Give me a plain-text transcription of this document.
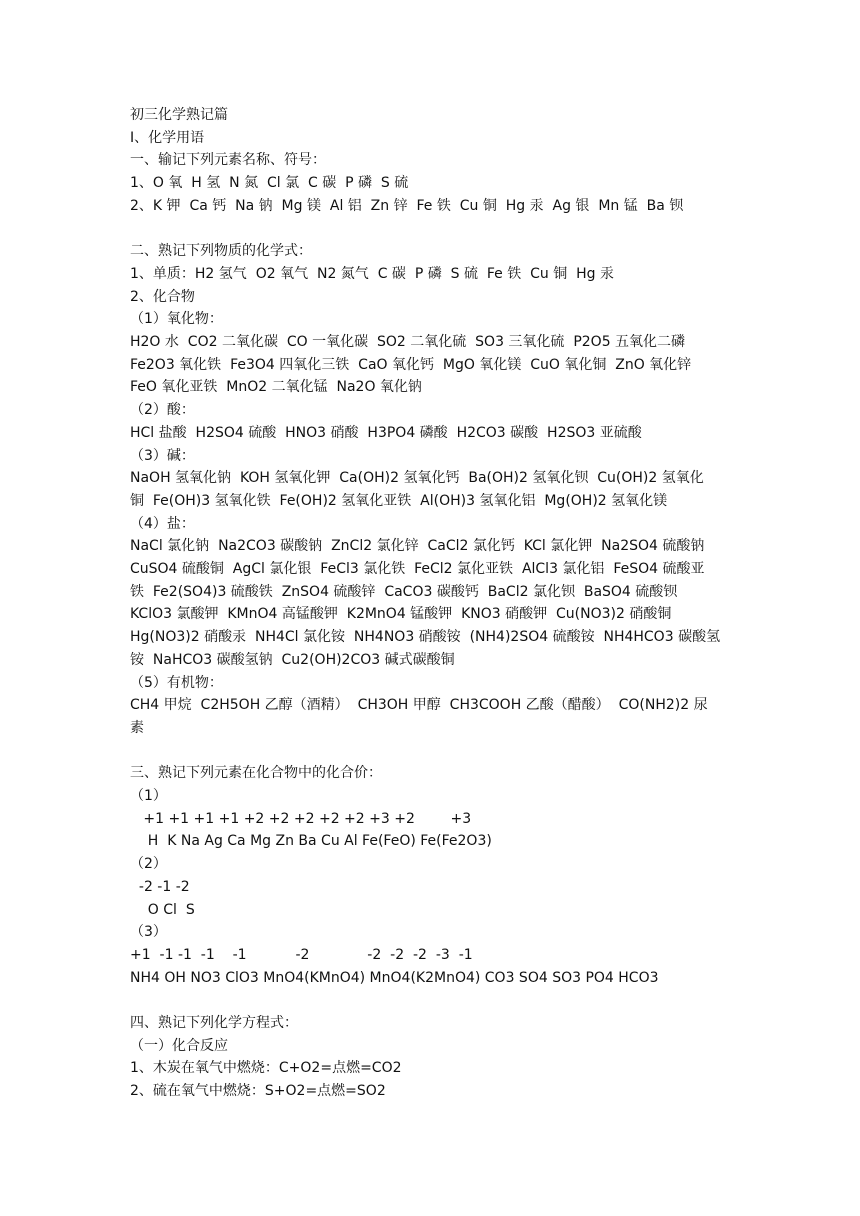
初三化学熟记篇
Ⅰ、化学用语
一、输记下列元素名称、符号：
1、O 氧  H 氢  N 氮  Cl 氯  C 碳  P 磷  S 硫
2、K 钾  Ca 钙  Na 钠  Mg 镁  Al 铝  Zn 锌  Fe 铁  Cu 铜  Hg 汞  Ag 银  Mn 锰  Ba 钡
二、熟记下列物质的化学式：
1、单质：H2 氢气  O2 氧气  N2 氮气  C 碳  P 磷  S 硫  Fe 铁  Cu 铜  Hg 汞
2、化合物
（1）氧化物：
H2O 水  CO2 二氧化碳  CO 一氧化碳  SO2 二氧化硫  SO3 三氧化硫  P2O5 五氧化二磷
Fe2O3 氧化铁  Fe3O4 四氧化三铁  CaO 氧化钙  MgO 氧化镁  CuO 氧化铜  ZnO 氧化锌
FeO 氧化亚铁  MnO2 二氧化锰  Na2O 氧化钠
（2）酸：
HCl 盐酸  H2SO4 硫酸  HNO3 硝酸  H3PO4 磷酸  H2CO3 碳酸  H2SO3 亚硫酸
（3）碱：
NaOH 氢氧化钠  KOH 氢氧化钾  Ca(OH)2 氢氧化钙  Ba(OH)2 氢氧化钡  Cu(OH)2 氢氧化
铜  Fe(OH)3 氢氧化铁  Fe(OH)2 氢氧化亚铁  Al(OH)3 氢氧化铝  Mg(OH)2 氢氧化镁
（4）盐：
NaCl 氯化钠  Na2CO3 碳酸钠  ZnCl2 氯化锌  CaCl2 氯化钙  KCl 氯化钾  Na2SO4 硫酸钠
CuSO4 硫酸铜  AgCl 氯化银  FeCl3 氯化铁  FeCl2 氯化亚铁  AlCl3 氯化铝  FeSO4 硫酸亚
铁  Fe2(SO4)3 硫酸铁  ZnSO4 硫酸锌  CaCO3 碳酸钙  BaCl2 氯化钡  BaSO4 硫酸钡
KClO3 氯酸钾  KMnO4 高锰酸钾  K2MnO4 锰酸钾  KNO3 硝酸钾  Cu(NO3)2 硝酸铜
Hg(NO3)2 硝酸汞  NH4Cl 氯化铵  NH4NO3 硝酸铵  (NH4)2SO4 硫酸铵  NH4HCO3 碳酸氢
铵  NaHCO3 碳酸氢钠  Cu2(OH)2CO3 碱式碳酸铜
（5）有机物：
CH4 甲烷  C2H5OH 乙醇（酒精）  CH3OH 甲醇  CH3COOH 乙酸（醋酸）  CO(NH2)2 尿
素
三、熟记下列元素在化合物中的化合价：
（1）
+1 +1 +1 +1 +2 +2 +2 +2 +2 +3 +2        +3
H  K Na Ag Ca Mg Zn Ba Cu Al Fe(FeO) Fe(Fe2O3)
（2）
-2 -1 -2
O Cl  S
（3）
+1  -1 -1  -1    -1           -2             -2  -2  -2  -3  -1
NH4 OH NO3 ClO3 MnO4(KMnO4) MnO4(K2MnO4) CO3 SO4 SO3 PO4 HCO3
四、熟记下列化学方程式：
（一）化合反应
1、木炭在氧气中燃烧：C+O2=点燃=CO2
2、硫在氧气中燃烧：S+O2=点燃=SO2
